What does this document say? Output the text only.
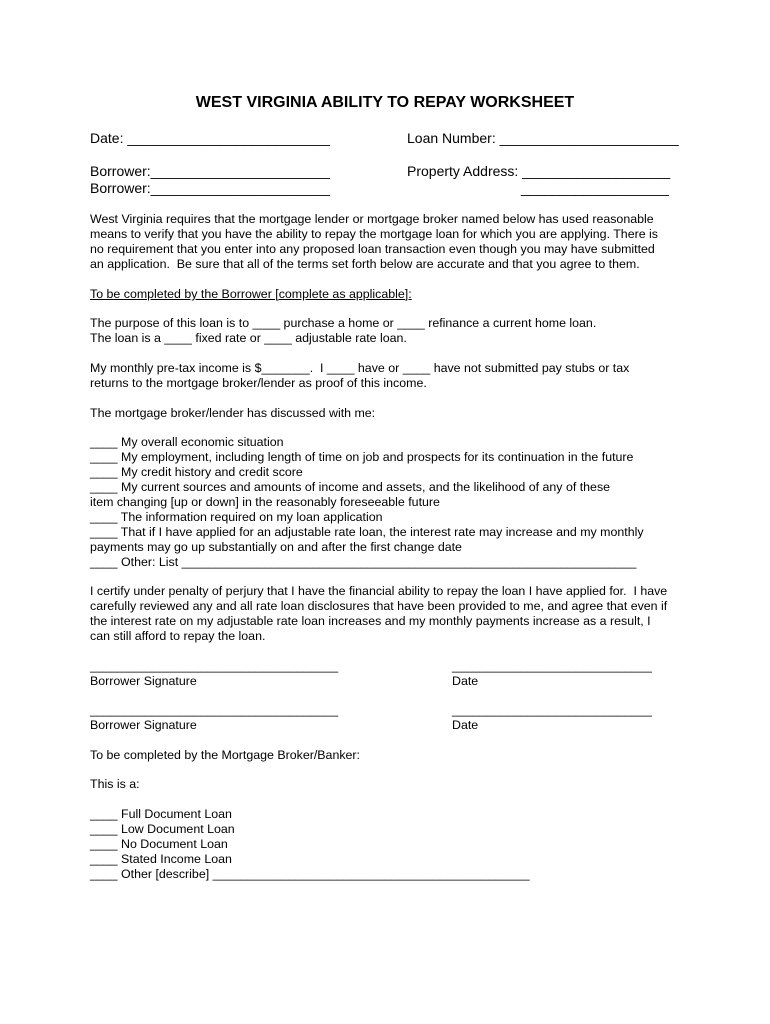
WEST VIRGINIA ABILITY TO REPAY WORKSHEET
Date: __________________________	Loan Number: _______________________
Borrower:_______________________	Property Address: ___________________
Borrower:_______________________	___________________
West Virginia requires that the mortgage lender or mortgage broker named below has used reasonable
means to verify that you have the ability to repay the mortgage loan for which you are applying. There is
no requirement that you enter into any proposed loan transaction even though you may have submitted
an application.  Be sure that all of the terms set forth below are accurate and that you agree to them.
To be completed by the Borrower [complete as applicable]:
The purpose of this loan is to ____ purchase a home or ____ refinance a current home loan.
The loan is a ____ fixed rate or ____ adjustable rate loan.
My monthly pre-tax income is $_______.  I ____ have or ____ have not submitted pay stubs or tax
returns to the mortgage broker/lender as proof of this income.
The mortgage broker/lender has discussed with me:
____ My overall economic situation
____ My employment, including length of time on job and prospects for its continuation in the future
____ My credit history and credit score
____ My current sources and amounts of income and assets, and the likelihood of any of these
item changing [up or down] in the reasonably foreseeable future
____ The information required on my loan application
____ That if I have applied for an adjustable rate loan, the interest rate may increase and my monthly
payments may go up substantially on and after the first change date
____ Other: List __________________________________________________________________
I certify under penalty of perjury that I have the financial ability to repay the loan I have applied for.  I have
carefully reviewed any and all rate loan disclosures that have been provided to me, and agree that even if
the interest rate on my adjustable rate loan increases and my monthly payments increase as a result, I
can still afford to repay the loan.
____________________________________	_____________________________
Borrower Signature	Date
____________________________________	_____________________________
Borrower Signature	Date
To be completed by the Mortgage Broker/Banker:
This is a:
____ Full Document Loan
____ Low Document Loan
____ No Document Loan
____ Stated Income Loan
____ Other [describe] ______________________________________________
